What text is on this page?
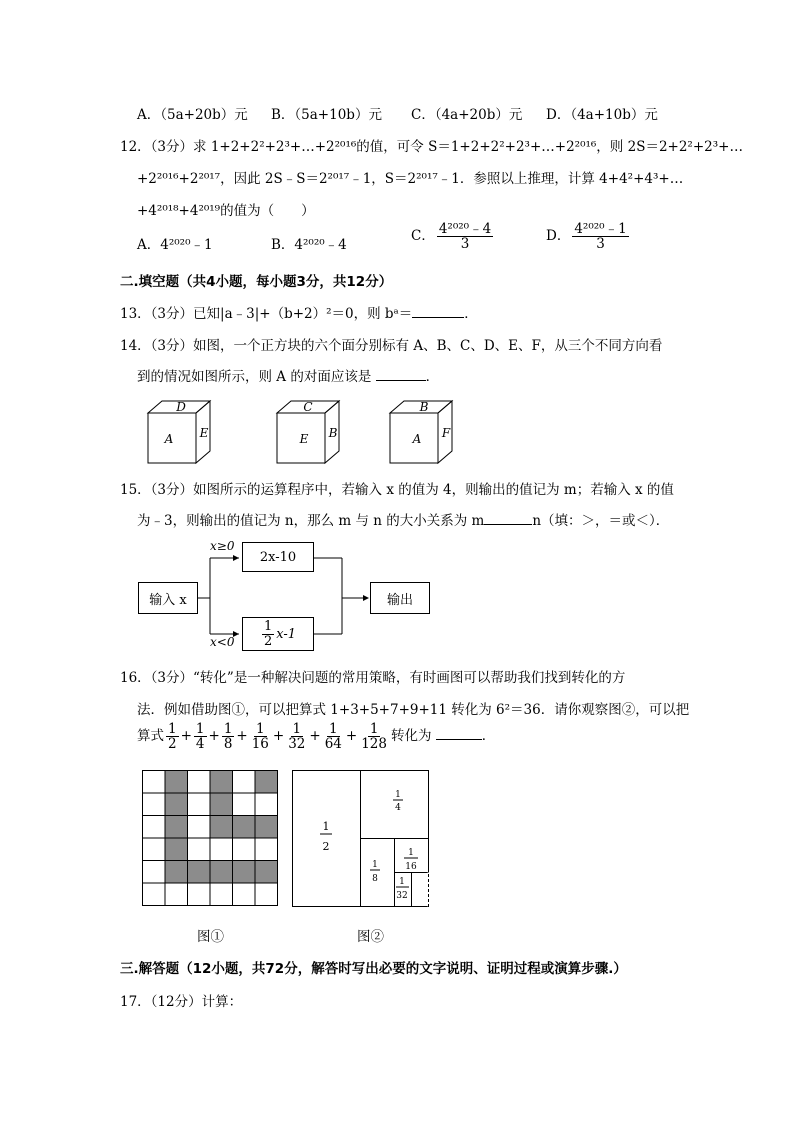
A．（5a+20b）元 B．（5a+10b）元 C．（4a+20b）元 D．（4a+10b）元
12．（3分）求 1+2+2²+2³+…+2²⁰¹⁶的值，可令 S＝1+2+2²+2³+…+2²⁰¹⁶，则 2S＝2+2²+2³+…
+2²⁰¹⁶+2²⁰¹⁷，因此 2S﹣S＝2²⁰¹⁷﹣1，S＝2²⁰¹⁷﹣1．参照以上推理，计算 4+4²+4³+…
+4²⁰¹⁸+4²⁰¹⁹的值为（　　）
A．4²⁰²⁰﹣1	B．4²⁰²⁰﹣4
C． $\frac{\text{4²⁰²⁰﹣4}}{3}$	D． $\frac{\text{4²⁰²⁰﹣1}}{3}$
二.填空题（共4小题，每小题3分，共12分）
13．（3分）已知|a﹣3|+（b+2）²＝0，则 bᵃ＝	．
14．（3分）如图，一个正方块的六个面分别标有 A、B、C、D、E、F，从三个不同方向看
到的情况如图所示，则 A 的对面应该是	．
D
A E
C
E B
B
A F
15．（3分）如图所示的运算程序中，若输入 x 的值为 4，则输出的值记为 m；若输入 x 的值
为﹣3，则输出的值记为 n，那么 m 与 n 的大小关系为 m	n（填：＞，＝或＜）．
x≥0
x<0
输入 x
2x-10
$\frac{1}{2} x-1$
输出
16．（3分）“转化”是一种解决问题的常用策略，有时画图可以帮助我们找到转化的方
法．例如借助图①，可以把算式 1+3+5+7+9+11 转化为 6²＝36．请你观察图②，可以把
算式 $\frac{1}{2} + \frac{1}{4} + \frac{1}{8} + \frac{1}{16} + \frac{1}{32} + \frac{1}{64} + \frac{1}{128}$ 转化为	．
图①
1
2
1
4
1
8
1
16
1
32
图②
三.解答题（12小题，共72分，解答时写出必要的文字说明、证明过程或演算步骤.）
17．（12分）计算：
